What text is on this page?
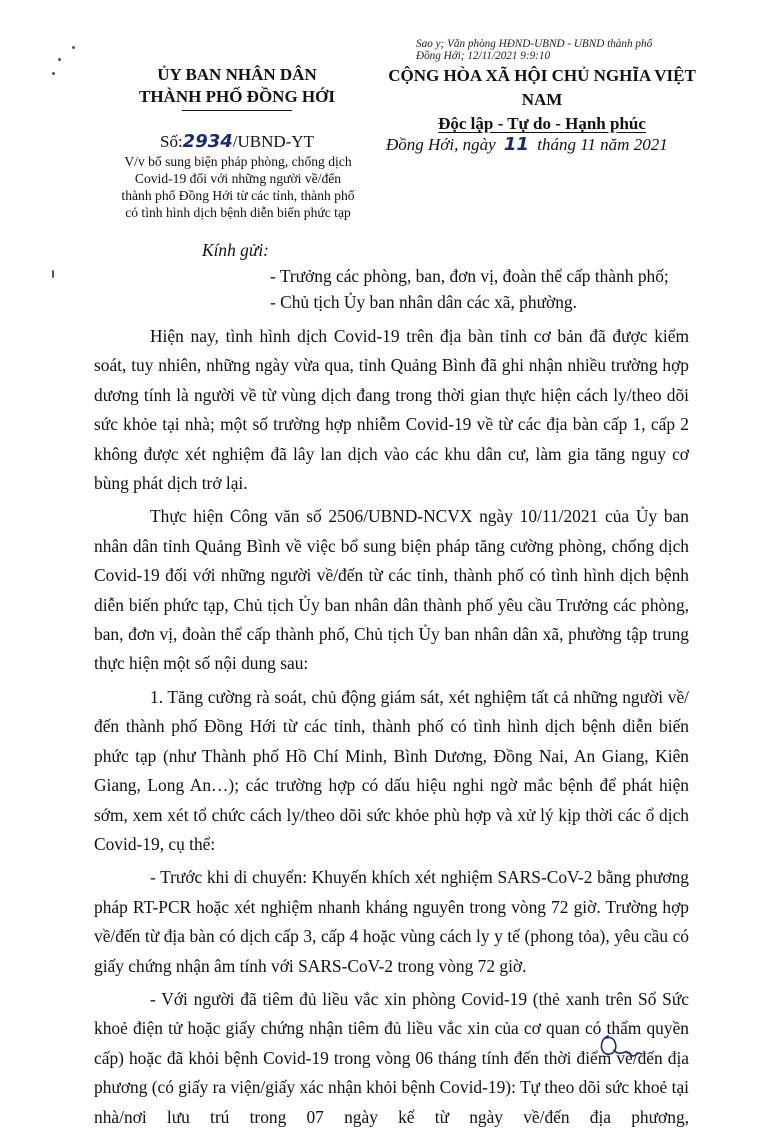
Sao y; Văn phòng HĐND-UBND - UBND thành phố
Đồng Hới; 12/11/2021 9:9:10
ỦY BAN NHÂN DÂN
THÀNH PHỐ ĐỒNG HỚI
CỘNG HÒA XÃ HỘI CHỦ NGHĨA VIỆT NAM
Độc lập - Tự do - Hạnh phúc
Số:2934/UBND-YT
V/v bổ sung biện pháp phòng, chống dịch
Covid-19 đối với những người về/đến
thành phố Đồng Hới từ các tỉnh, thành phố
có tình hình dịch bệnh diễn biến phức tạp
Đồng Hới, ngày 11 tháng 11 năm 2021
Kính gửi:
- Trưởng các phòng, ban, đơn vị, đoàn thể cấp thành phố;
- Chủ tịch Ủy ban nhân dân các xã, phường.

Hiện nay, tình hình dịch Covid-19 trên địa bàn tỉnh cơ bản đã được kiểm soát, tuy nhiên, những ngày vừa qua, tỉnh Quảng Bình đã ghi nhận nhiều trường hợp dương tính là người về từ vùng dịch đang trong thời gian thực hiện cách ly/theo dõi sức khỏe tại nhà; một số trường hợp nhiễm Covid-19 về từ các địa bàn cấp 1, cấp 2 không được xét nghiệm đã lây lan dịch vào các khu dân cư, làm gia tăng nguy cơ bùng phát dịch trở lại.

Thực hiện Công văn số 2506/UBND-NCVX ngày 10/11/2021 của Ủy ban nhân dân tỉnh Quảng Bình về việc bổ sung biện pháp tăng cường phòng, chống dịch Covid-19 đối với những người về/đến từ các tỉnh, thành phố có tình hình dịch bệnh diễn biến phức tạp, Chủ tịch Ủy ban nhân dân thành phố yêu cầu Trưởng các phòng, ban, đơn vị, đoàn thể cấp thành phố, Chủ tịch Ủy ban nhân dân xã, phường tập trung thực hiện một số nội dung sau:

1. Tăng cường rà soát, chủ động giám sát, xét nghiệm tất cả những người về/đến thành phố Đồng Hới từ các tỉnh, thành phố có tình hình dịch bệnh diễn biến phức tạp (như Thành phố Hồ Chí Minh, Bình Dương, Đồng Nai, An Giang, Kiên Giang, Long An…); các trường hợp có dấu hiệu nghi ngờ mắc bệnh để phát hiện sớm, xem xét tổ chức cách ly/theo dõi sức khỏe phù hợp và xử lý kịp thời các ổ dịch Covid-19, cụ thể:

- Trước khi di chuyển: Khuyến khích xét nghiệm SARS-CoV-2 bằng phương pháp RT-PCR hoặc xét nghiệm nhanh kháng nguyên trong vòng 72 giờ. Trường hợp về/đến từ địa bàn có dịch cấp 3, cấp 4 hoặc vùng cách ly y tế (phong tỏa), yêu cầu có giấy chứng nhận âm tính với SARS-CoV-2 trong vòng 72 giờ.

- Với người đã tiêm đủ liều vắc xin phòng Covid-19 (thẻ xanh trên Sổ Sức khoẻ điện tử hoặc giấy chứng nhận tiêm đủ liều vắc xin của cơ quan có thẩm quyền cấp) hoặc đã khỏi bệnh Covid-19 trong vòng 06 tháng tính đến thời điểm về/đến địa phương (có giấy ra viện/giấy xác nhận khỏi bệnh Covid-19): Tự theo dõi sức khoẻ tại nhà/nơi lưu trú trong 07 ngày kể từ ngày về/đến địa phương,
